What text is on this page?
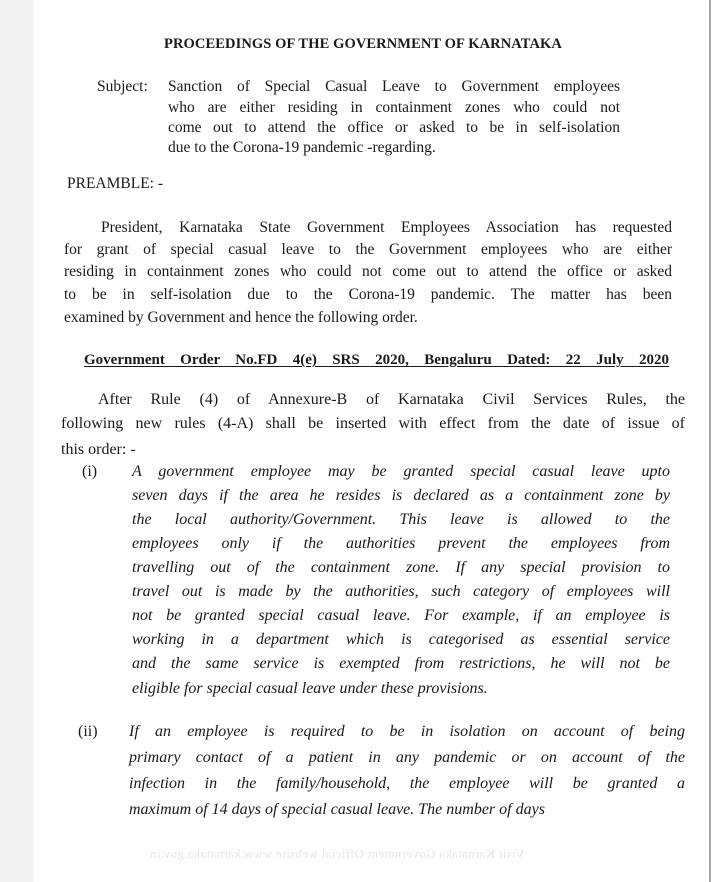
PROCEEDINGS OF THE GOVERNMENT OF KARNATAKA
Subject: Sanction of Special Casual Leave to Government employees
who are either residing in containment zones who could not
come out to attend the office or asked to be in self-isolation
due to the Corona-19 pandemic -regarding.
PREAMBLE: -
President, Karnataka State Government Employees Association has requested
for grant of special casual leave to the Government employees who are either
residing in containment zones who could not come out to attend the office or asked
to be in self-isolation due to the Corona-19 pandemic. The matter has been
examined by Government and hence the following order.
Government Order No.FD 4(e) SRS 2020, Bengaluru Dated: 22 July 2020
After Rule (4) of Annexure-B of Karnataka Civil Services Rules, the
following new rules (4-A) shall be inserted with effect from the date of issue of
this order: -
(i) A government employee may be granted special casual leave upto
seven days if the area he resides is declared as a containment zone by
the local authority/Government. This leave is allowed to the
employees only if the authorities prevent the employees from
travelling out of the containment zone. If any special provision to
travel out is made by the authorities, such category of employees will
not be granted special casual leave. For example, if an employee is
working in a department which is categorised as essential service
and the same service is exempted from restrictions, he will not be
eligible for special casual leave under these provisions.
(ii) If an employee is required to be in isolation on account of being
primary contact of a patient in any pandemic or on account of the
infection in the family/household, the employee will be granted a
maximum of 14 days of special casual leave. The number of days
Visit Karnataka Government Official website www.karnataka.gov.in
